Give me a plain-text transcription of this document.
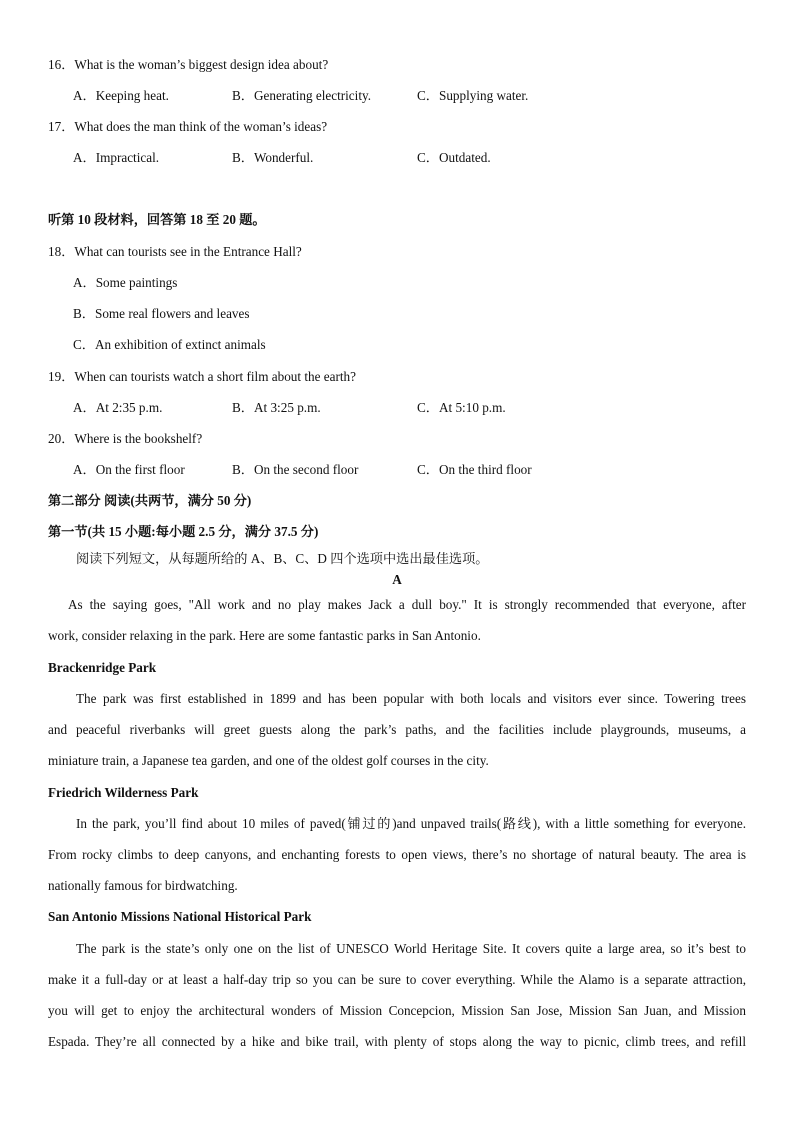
16．What is the woman’s biggest design idea about?
A．Keeping heat.	B．Generating electricity.	C．Supplying water.
17．What does the man think of the woman’s ideas?
A．Impractical.	B．Wonderful.	C．Outdated.
听第 10 段材料，回答第 18 至 20 题。
18．What can tourists see in the Entrance Hall?
A．Some paintings
B．Some real flowers and leaves
C．An exhibition of extinct animals
19．When can tourists watch a short film about the earth?
A．At 2:35 p.m.	B．At 3:25 p.m.	C．At 5:10 p.m.
20．Where is the bookshelf?
A．On the first floor	B．On the second floor	C．On the third floor
第二部分 阅读(共两节，满分 50 分)
第一节(共 15 小题:每小题 2.5 分，满分 37.5 分)
阅读下列短文，从每题所给的 A、B、C、D 四个选项中选出最佳选项。
A
As the saying goes, "All work and no play makes Jack a dull boy." It is strongly recommended that everyone, after
work, consider relaxing in the park. Here are some fantastic parks in San Antonio.
Brackenridge Park
The park was first established in 1899 and has been popular with both locals and visitors ever since. Towering trees
and peaceful riverbanks will greet guests along the park’s paths, and the facilities include playgrounds, museums, a
miniature train, a Japanese tea garden, and one of the oldest golf courses in the city.
Friedrich Wilderness Park
In the park, you’ll find about 10 miles of paved(铺过的)and unpaved trails(路线), with a little something for everyone.
From rocky climbs to deep canyons, and enchanting forests to open views, there’s no shortage of natural beauty. The area is
nationally famous for birdwatching.
San Antonio Missions National Historical Park
The park is the state’s only one on the list of UNESCO World Heritage Site. It covers quite a large area, so it’s best to
make it a full-day or at least a half-day trip so you can be sure to cover everything. While the Alamo is a separate attraction,
you will get to enjoy the architectural wonders of Mission Concepcion, Mission San Jose, Mission San Juan, and Mission
Espada. They’re all connected by a hike and bike trail, with plenty of stops along the way to picnic, climb trees, and refill
